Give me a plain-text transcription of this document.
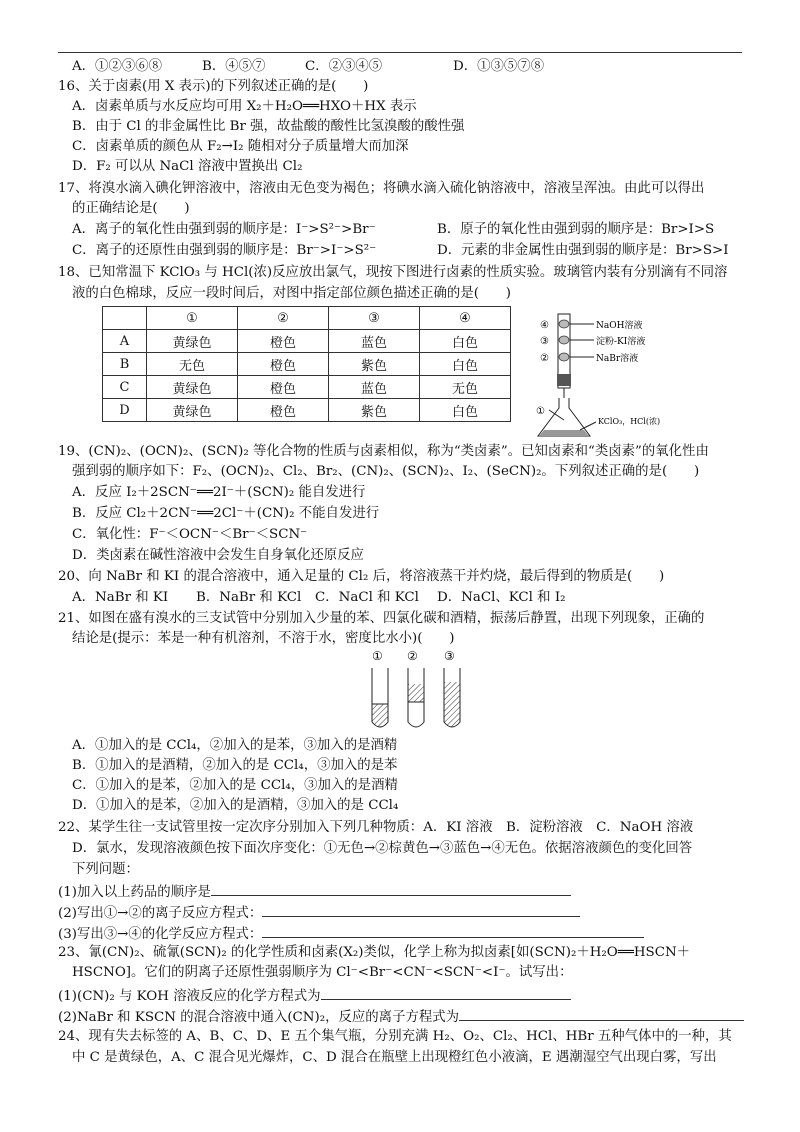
A．①②③⑥⑧	B．④⑤⑦	C．②③④⑤	D．①③⑤⑦⑧
16、关于卤素(用 X 表示)的下列叙述正确的是(　　)
A．卤素单质与水反应均可用 X₂＋H₂O══HXO＋HX 表示
B．由于 Cl 的非金属性比 Br 强，故盐酸的酸性比氢溴酸的酸性强
C．卤素单质的颜色从 F₂→I₂ 随相对分子质量增大而加深
D．F₂ 可以从 NaCl 溶液中置换出 Cl₂
17、将溴水滴入碘化钾溶液中，溶液由无色变为褐色；将碘水滴入硫化钠溶液中，溶液呈浑浊。由此可以得出
的正确结论是(　　)
A．离子的氧化性由强到弱的顺序是：I⁻>S²⁻>Br⁻	B．原子的氧化性由强到弱的顺序是：Br>I>S
C．离子的还原性由强到弱的顺序是：Br⁻>I⁻>S²⁻	D．元素的非金属性由强到弱的顺序是：Br>S>I
18、已知常温下 KClO₃ 与 HCl(浓)反应放出氯气，现按下图进行卤素的性质实验。玻璃管内装有分别滴有不同溶
液的白色棉球，反应一段时间后，对图中指定部位颜色描述正确的是(　　)
	①	②	③	④
A	黄绿色	橙色	蓝色	白色
B	无色	橙色	紫色	白色
C	黄绿色	橙色	蓝色	无色
D	黄绿色	橙色	紫色	白色
④	NaOH溶液
③	淀粉-KI溶液
②	NaBr溶液
①
KClO₃，HCl(浓)
19、(CN)₂、(OCN)₂、(SCN)₂ 等化合物的性质与卤素相似，称为“类卤素”。已知卤素和“类卤素”的氧化性由
强到弱的顺序如下：F₂、(OCN)₂、Cl₂、Br₂、(CN)₂、(SCN)₂、I₂、(SeCN)₂。下列叙述正确的是(　　)
A．反应 I₂＋2SCN⁻══2I⁻＋(SCN)₂ 能自发进行
B．反应 Cl₂＋2CN⁻══2Cl⁻＋(CN)₂ 不能自发进行
C．氧化性：F⁻＜OCN⁻＜Br⁻＜SCN⁻
D．类卤素在碱性溶液中会发生自身氧化还原反应
20、向 NaBr 和 KI 的混合溶液中，通入足量的 Cl₂ 后，将溶液蒸干并灼烧，最后得到的物质是(　　)
A．NaBr 和 KI B．NaBr 和 KCl C．NaCl 和 KCl D．NaCl、KCl 和 I₂
21、如图在盛有溴水的三支试管中分别加入少量的苯、四氯化碳和酒精，振荡后静置，出现下列现象，正确的
结论是(提示：苯是一种有机溶剂，不溶于水，密度比水小)(　　)
① ② ③
A．①加入的是 CCl₄，②加入的是苯，③加入的是酒精
B．①加入的是酒精，②加入的是 CCl₄，③加入的是苯
C．①加入的是苯，②加入的是 CCl₄，③加入的是酒精
D．①加入的是苯，②加入的是酒精，③加入的是 CCl₄
22、某学生往一支试管里按一定次序分别加入下列几种物质：A．KI 溶液　B．淀粉溶液　C．NaOH 溶液
D．氯水，发现溶液颜色按下面次序变化：①无色→②棕黄色→③蓝色→④无色。依据溶液颜色的变化回答
下列问题：
(1)加入以上药品的顺序是
(2)写出①→②的离子反应方程式：
(3)写出③→④的化学反应方程式：
23、氰(CN)₂、硫氰(SCN)₂ 的化学性质和卤素(X₂)类似，化学上称为拟卤素[如(SCN)₂＋H₂O══HSCN＋
HSCNO]。它们的阴离子还原性强弱顺序为 Cl⁻<Br⁻<CN⁻<SCN⁻<I⁻。试写出：
(1)(CN)₂ 与 KOH 溶液反应的化学方程式为
(2)NaBr 和 KSCN 的混合溶液中通入(CN)₂，反应的离子方程式为
24、现有失去标签的 A、B、C、D、E 五个集气瓶，分别充满 H₂、O₂、Cl₂、HCl、HBr 五种气体中的一种，其
中 C 是黄绿色，A、C 混合见光爆炸，C、D 混合在瓶壁上出现橙红色小液滴，E 遇潮湿空气出现白雾，写出
